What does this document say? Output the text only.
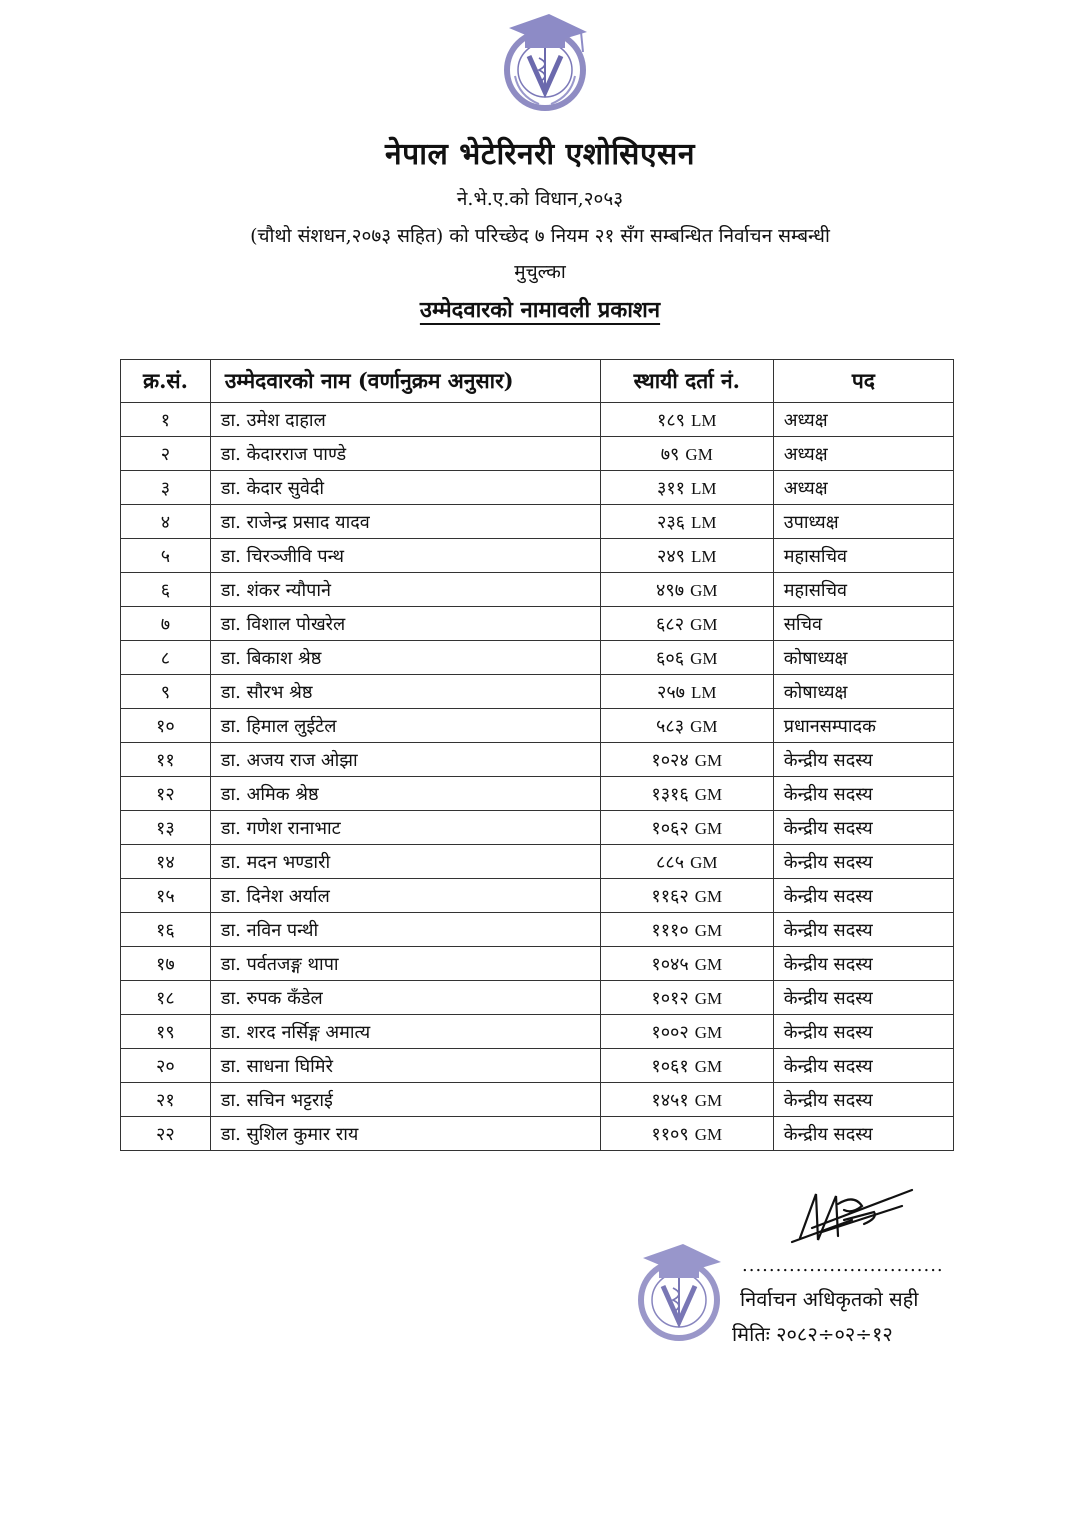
नेपाल भेटेरिनरी एशोसिएसन
ने.भे.ए.को विधान,२०५३
(चौथो संशधन,२०७३ सहित) को परिच्छेद ७ नियम २१ सँग सम्बन्धित निर्वाचन सम्बन्धी
मुचुल्का
उम्मेदवारको नामावली प्रकाशन
क्र.सं.	उम्मेदवारको नाम (वर्णानुक्रम अनुसार)	स्थायी दर्ता नं.	पद
१	डा. उमेश दाहाल	१८९ LM	अध्यक्ष
२	डा. केदारराज पाण्डे	७९ GM	अध्यक्ष
३	डा. केदार सुवेदी	३११ LM	अध्यक्ष
४	डा. राजेन्द्र प्रसाद यादव	२३६ LM	उपाध्यक्ष
५	डा. चिरञ्जीवि पन्थ	२४९ LM	महासचिव
६	डा. शंकर न्यौपाने	४९७ GM	महासचिव
७	डा. विशाल पोखरेल	६८२ GM	सचिव
८	डा. बिकाश श्रेष्ठ	६०६ GM	कोषाध्यक्ष
९	डा. सौरभ श्रेष्ठ	२५७ LM	कोषाध्यक्ष
१०	डा. हिमाल लुईटेल	५८३ GM	प्रधानसम्पादक
११	डा. अजय राज ओझा	१०२४ GM	केन्द्रीय सदस्य
१२	डा. अमिक श्रेष्ठ	१३१६ GM	केन्द्रीय सदस्य
१३	डा. गणेश रानाभाट	१०६२ GM	केन्द्रीय सदस्य
१४	डा. मदन भण्डारी	८८५ GM	केन्द्रीय सदस्य
१५	डा. दिनेश अर्याल	११६२ GM	केन्द्रीय सदस्य
१६	डा. नविन पन्थी	१११० GM	केन्द्रीय सदस्य
१७	डा. पर्वतजङ्ग थापा	१०४५ GM	केन्द्रीय सदस्य
१८	डा. रुपक कँडेल	१०१२ GM	केन्द्रीय सदस्य
१९	डा. शरद नर्सिङ्ग अमात्य	१००२ GM	केन्द्रीय सदस्य
२०	डा. साधना घिमिरे	१०६१ GM	केन्द्रीय सदस्य
२१	डा. सचिन भट्टराई	१४५१ GM	केन्द्रीय सदस्य
२२	डा. सुशिल कुमार राय	११०९ GM	केन्द्रीय सदस्य
..............................
निर्वाचन अधिकृतको सही
मितिः २०८२÷०२÷१२
